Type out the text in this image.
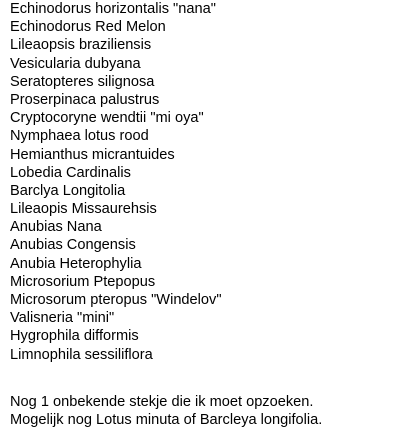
Echinodorus horizontalis "nana"
Echinodorus Red Melon
Lileaopsis braziliensis
Vesicularia dubyana
Seratopteres silignosa
Proserpinaca palustrus
Cryptocoryne wendtii "mi oya"
Nymphaea lotus rood
Hemianthus micrantuides
Lobedia Cardinalis
Barclya Longitolia
Lileaopis Missaurehsis
Anubias Nana
Anubias Congensis
Anubia Heterophylia
Microsorium Ptepopus
Microsorum pteropus "Windelov"
Valisneria "mini"
Hygrophila difformis
Limnophila sessiliflora

Nog 1 onbekende stekje die ik moet opzoeken.

Mogelijk nog Lotus minuta of Barcleya longifolia.
